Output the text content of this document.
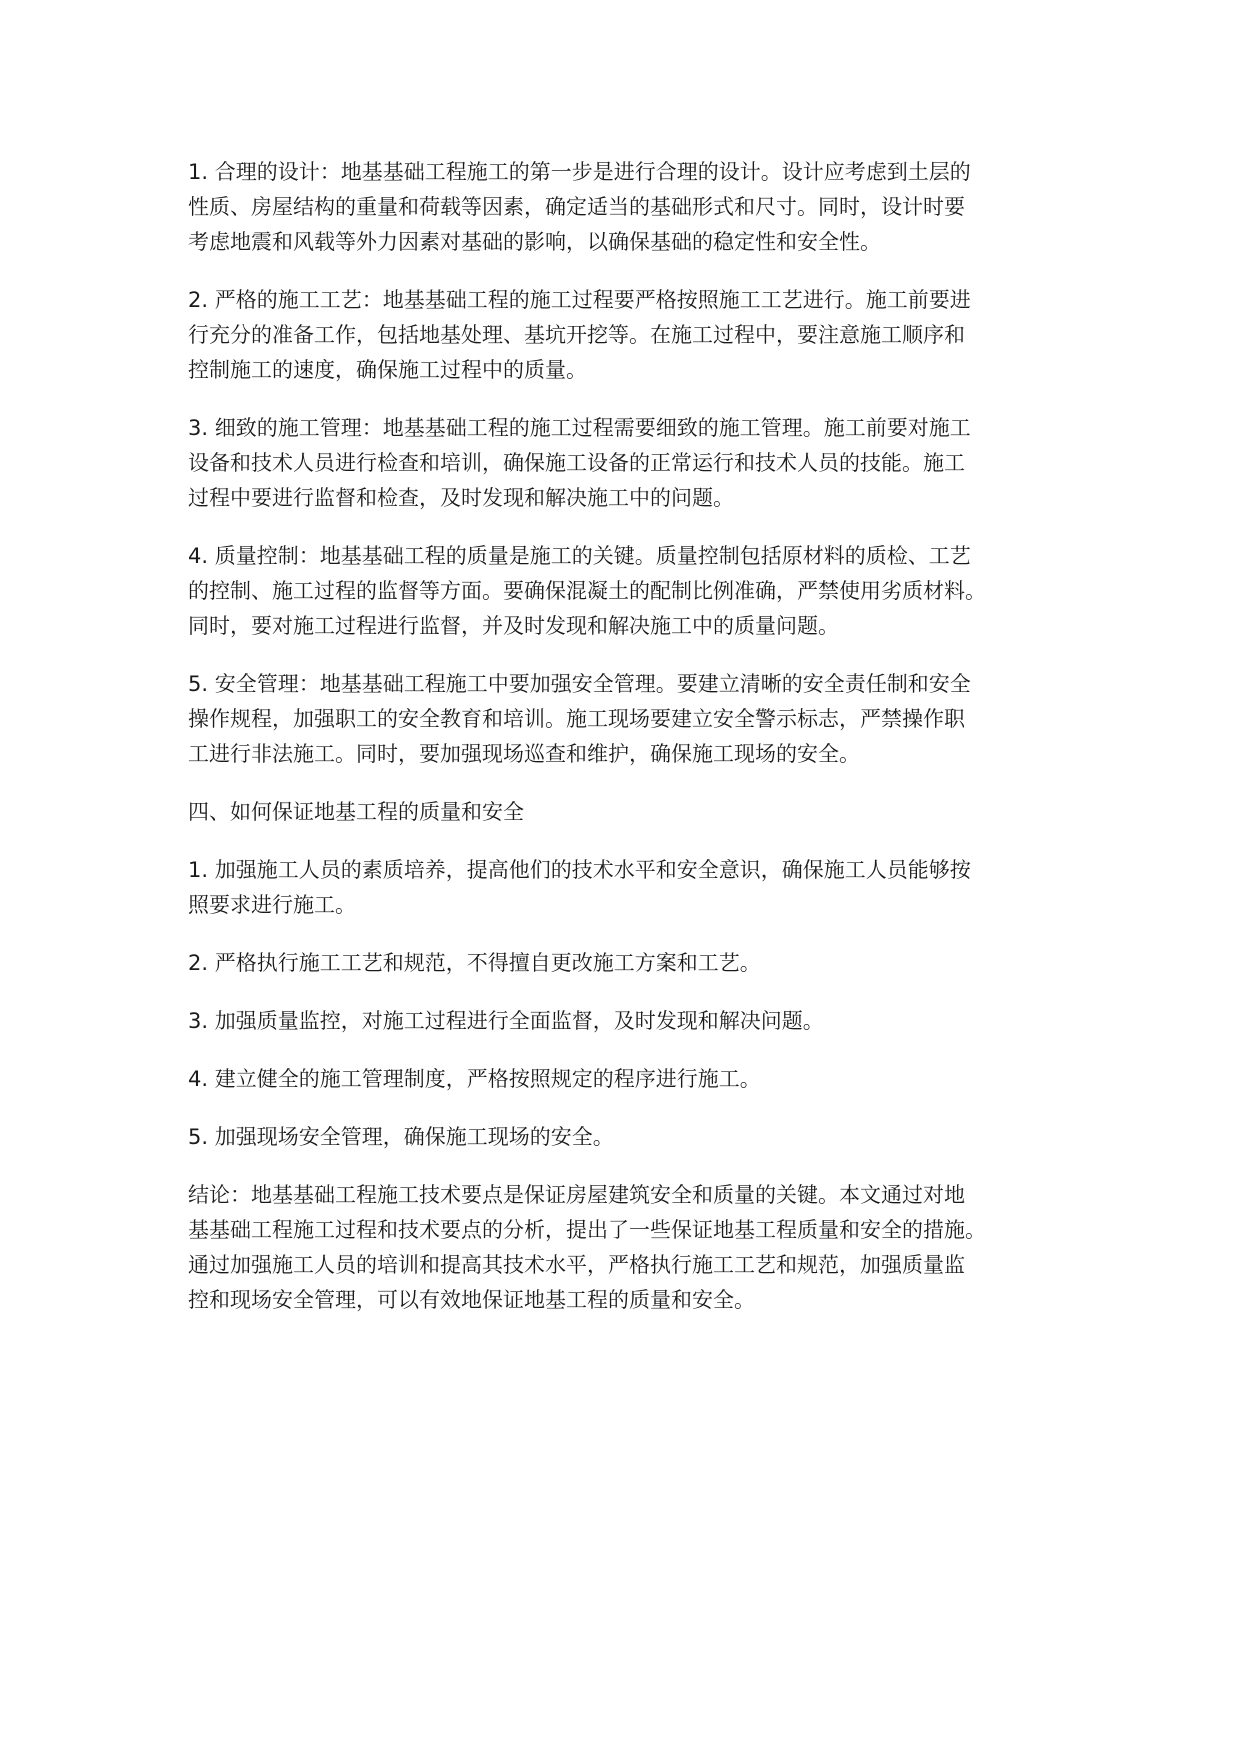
1. 合理的设计：地基基础工程施工的第一步是进行合理的设计。设计应考虑到土层的
性质、房屋结构的重量和荷载等因素，确定适当的基础形式和尺寸。同时，设计时要
考虑地震和风载等外力因素对基础的影响，以确保基础的稳定性和安全性。

2. 严格的施工工艺：地基基础工程的施工过程要严格按照施工工艺进行。施工前要进
行充分的准备工作，包括地基处理、基坑开挖等。在施工过程中，要注意施工顺序和
控制施工的速度，确保施工过程中的质量。

3. 细致的施工管理：地基基础工程的施工过程需要细致的施工管理。施工前要对施工
设备和技术人员进行检查和培训，确保施工设备的正常运行和技术人员的技能。施工
过程中要进行监督和检查，及时发现和解决施工中的问题。

4. 质量控制：地基基础工程的质量是施工的关键。质量控制包括原材料的质检、工艺
的控制、施工过程的监督等方面。要确保混凝土的配制比例准确，严禁使用劣质材料。
同时，要对施工过程进行监督，并及时发现和解决施工中的质量问题。

5. 安全管理：地基基础工程施工中要加强安全管理。要建立清晰的安全责任制和安全
操作规程，加强职工的安全教育和培训。施工现场要建立安全警示标志，严禁操作职
工进行非法施工。同时，要加强现场巡查和维护，确保施工现场的安全。

四、如何保证地基工程的质量和安全

1. 加强施工人员的素质培养，提高他们的技术水平和安全意识，确保施工人员能够按
照要求进行施工。

2. 严格执行施工工艺和规范，不得擅自更改施工方案和工艺。

3. 加强质量监控，对施工过程进行全面监督，及时发现和解决问题。

4. 建立健全的施工管理制度，严格按照规定的程序进行施工。

5. 加强现场安全管理，确保施工现场的安全。

结论：地基基础工程施工技术要点是保证房屋建筑安全和质量的关键。本文通过对地
基基础工程施工过程和技术要点的分析，提出了一些保证地基工程质量和安全的措施。
通过加强施工人员的培训和提高其技术水平，严格执行施工工艺和规范，加强质量监
控和现场安全管理，可以有效地保证地基工程的质量和安全。
